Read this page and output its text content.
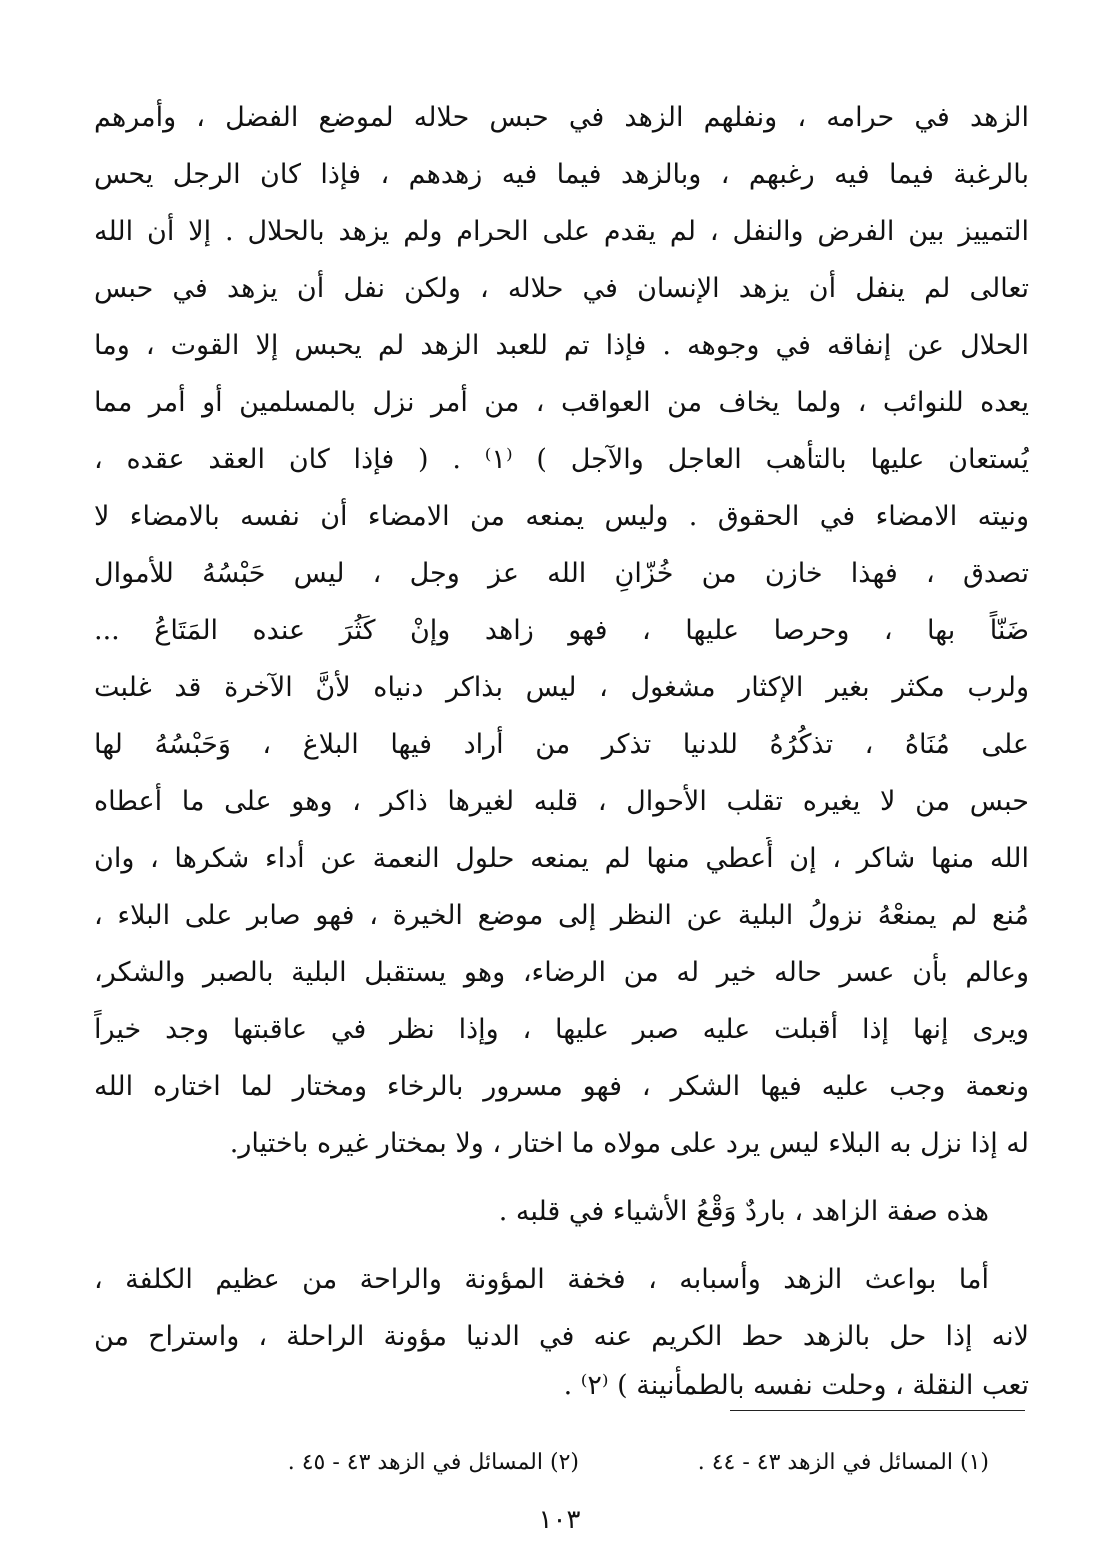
الزهد في حرامه ، ونفلهم الزهد في حبس حلاله لموضع الفضل ، وأمرهم
بالرغبة فيما فيه رغبهم ، وبالزهد فيما فيه زهدهم ، فإذا كان الرجل يحس
التمييز بين الفرض والنفل ، لم يقدم على الحرام ولم يزهد بالحلال . إلا أن الله
تعالى لم ينفل أن يزهد الإنسان في حلاله ، ولكن نفل أن يزهد في حبس
الحلال عن إنفاقه في وجوهه . فإذا تم للعبد الزهد لم يحبس إلا القوت ، وما
يعده للنوائب ، ولما يخاف من العواقب ، من أمر نزل بالمسلمين أو أمر مما
يُستعان عليها بالتأهب العاجل والآجل ) ⁽١⁾ . ( فإذا كان العقد عقده ،
ونيته الامضاء في الحقوق . وليس يمنعه من الامضاء أن نفسه بالامضاء لا
تصدق ، فهذا خازن من خُزّانِ الله عز وجل ، ليس حَبْسُهُ للأموال
ضَنّاً بها ، وحرصا عليها ، فهو زاهد وإنْ كَثُرَ عنده المَتَاعُ ...
ولرب مكثر بغير الإكثار مشغول ، ليس بذاكر دنياه لأنَّ الآخرة قد غلبت
على مُنَاهُ ، تذكُرُهُ للدنيا تذكر من أراد فيها البلاغ ، وَحَبْسُهُ لها
حبس من لا يغيره تقلب الأحوال ، قلبه لغيرها ذاكر ، وهو على ما أعطاه
الله منها شاكر ، إن أُعطي منها لم يمنعه حلول النعمة عن أداء شكرها ، وان
مُنع لم يمنعْهُ نزولُ البلية عن النظر إلى موضع الخيرة ، فهو صابر على البلاء ،
وعالم بأن عسر حاله خير له من الرضاء، وهو يستقبل البلية بالصبر والشكر،
ويرى إنها إذا أقبلت عليه صبر عليها ، وإذا نظر في عاقبتها وجد خيراً
ونعمة وجب عليه فيها الشكر ، فهو مسرور بالرخاء ومختار لما اختاره الله
له إذا نزل به البلاء ليس يرد على مولاه ما اختار ، ولا بمختار غيره باختيار.
هذه صفة الزاهد ، باردٌ وَقْعُ الأشياء في قلبه .
أما بواعث الزهد وأسبابه ، فخفة المؤونة والراحة من عظيم الكلفة ،
لانه إذا حل بالزهد حط الكريم عنه في الدنيا مؤونة الراحلة ، واستراح من
تعب النقلة ، وحلت نفسه بالطمأنينة ) ⁽٢⁾ .
(١) المسائل في الزهد ٤٣ - ٤٤ .
(٢) المسائل في الزهد ٤٣ - ٤٥ .
١٠٣
